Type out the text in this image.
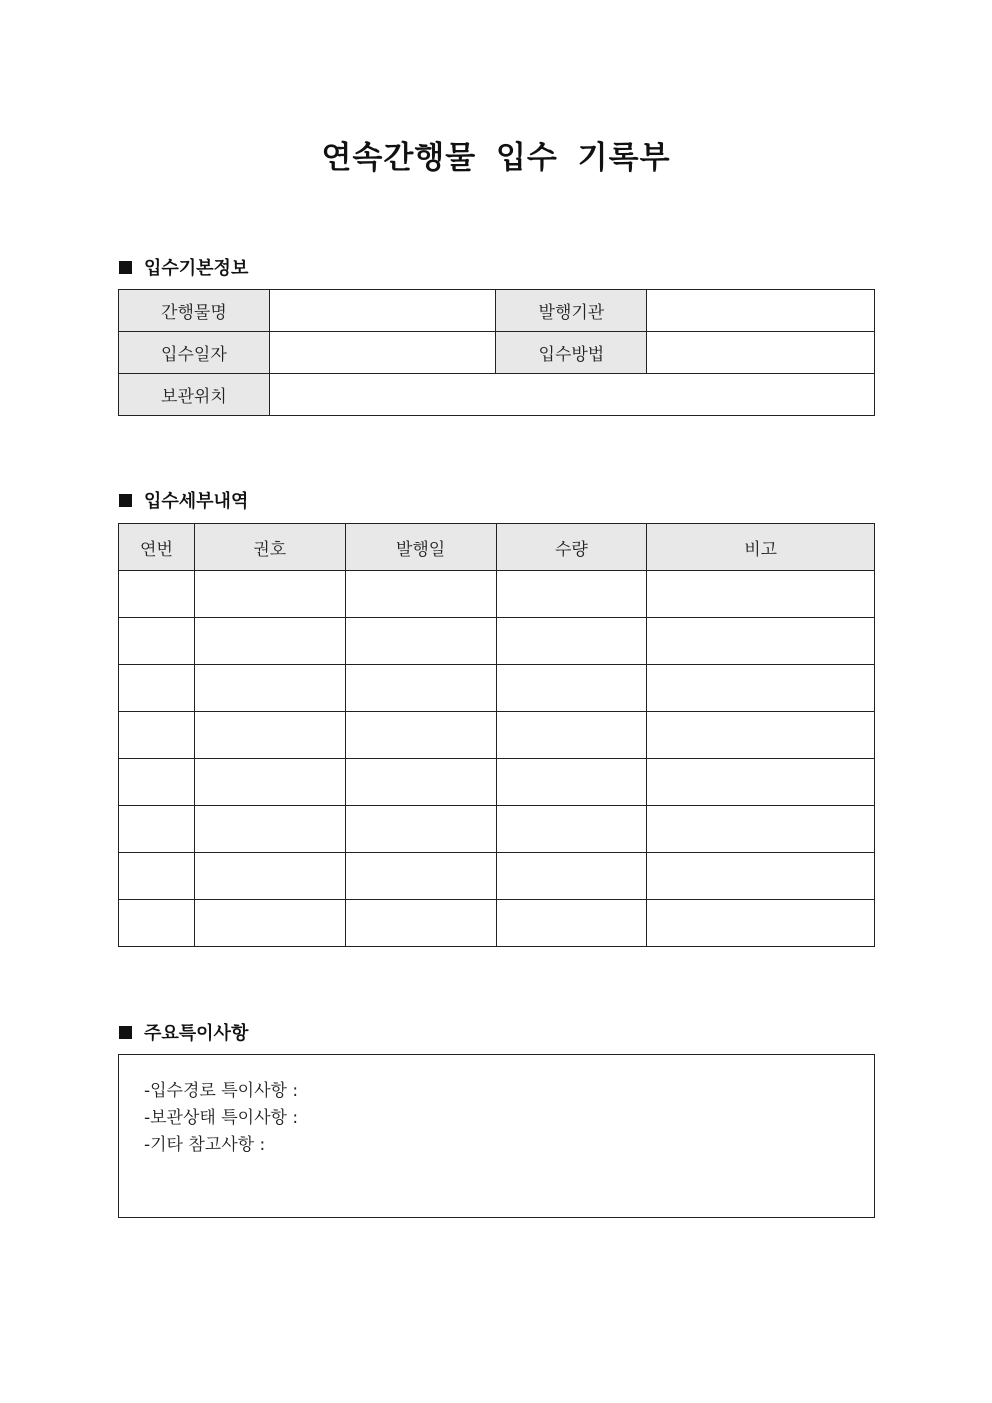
연속간행물 입수 기록부
입수기본정보
간행물명		발행기관	
입수일자		입수방법	
보관위치			
입수세부내역
연번	권호	발행일	수량	비고

주요특이사항
-입수경로 특이사항 :
-보관상태 특이사항 :
-기타 참고사항 :
